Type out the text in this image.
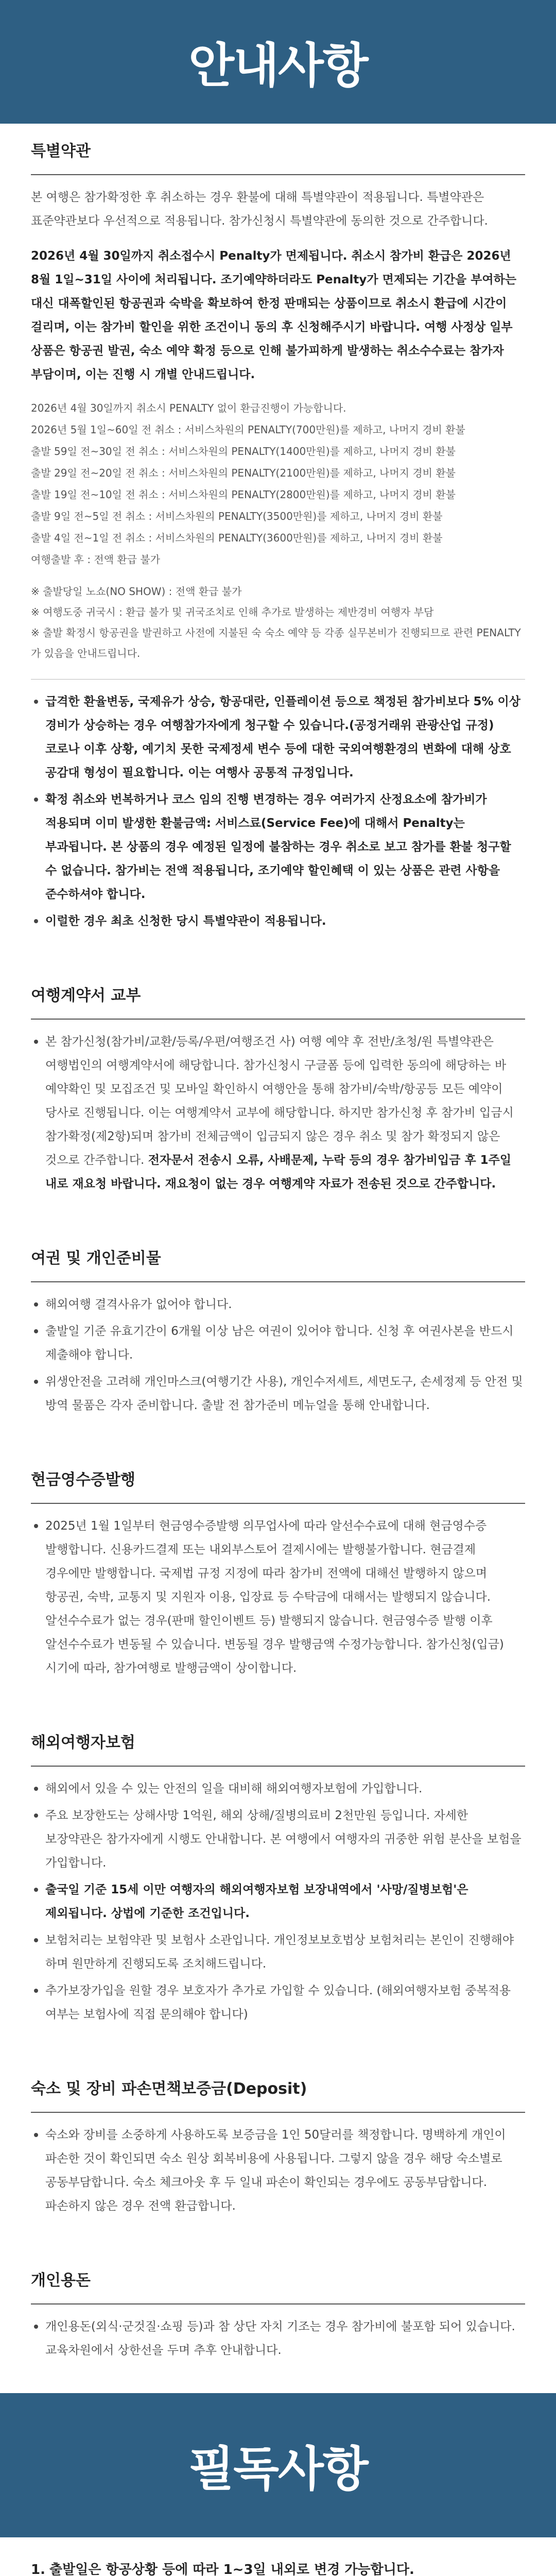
안내사항
특별약관

본 여행은 참가확정한 후 취소하는 경우 환불에 대해 특별약관이 적용됩니다. 특별약관은 표준약관보다 우선적으로 적용됩니다. 참가신청시 특별약관에 동의한 것으로 간주합니다.

2026년 4월 30일까지 취소접수시 Penalty가 면제됩니다. 취소시 참가비 환급은 2026년 8월 1일~31일 사이에 처리됩니다. 조기예약하더라도 Penalty가 면제되는 기간을 부여하는 대신 대폭할인된 항공권과 숙박을 확보하여 한정 판매되는 상품이므로 취소시 환급에 시간이 걸리며, 이는 참가비 할인을 위한 조건이니 동의 후 신청해주시기 바랍니다. 여행 사정상 일부 상품은 항공권 발권, 숙소 예약 확정 등으로 인해 불가피하게 발생하는 취소수수료는 참가자 부담이며, 이는 진행 시 개별 안내드립니다.

2026년 4월 30일까지 취소시 PENALTY 없이 환급진행이 가능합니다.
2026년 5월 1일~60일 전 취소 : 서비스차원의 PENALTY(700만원)를 제하고, 나머지 경비 환불
출발 59일 전~30일 전 취소 : 서비스차원의 PENALTY(1400만원)를 제하고, 나머지 경비 환불
출발 29일 전~20일 전 취소 : 서비스차원의 PENALTY(2100만원)를 제하고, 나머지 경비 환불
출발 19일 전~10일 전 취소 : 서비스차원의 PENALTY(2800만원)를 제하고, 나머지 경비 환불
출발 9일 전~5일 전 취소 : 서비스차원의 PENALTY(3500만원)를 제하고, 나머지 경비 환불
출발 4일 전~1일 전 취소 : 서비스차원의 PENALTY(3600만원)를 제하고, 나머지 경비 환불
여행출발 후 : 전액 환급 불가
※ 출발당일 노쇼(NO SHOW) : 전액 환급 불가
※ 여행도중 귀국시 : 환급 불가 및 귀국조치로 인해 추가로 발생하는 제반경비 여행자 부담
※ 출발 확정시 항공권을 발권하고 사전에 지불된 숙 숙소 예약 등 각종 실무본비가 진행되므로 관련 PENALTY가 있음을 안내드립니다.
급격한 환율변동, 국제유가 상승, 항공대란, 인플레이션 등으로 책정된 참가비보다 5% 이상 경비가 상승하는 경우 여행참가자에게 청구할 수 있습니다.(공정거래위 관광산업 규정) 코로나 이후 상황, 예기치 못한 국제정세 변수 등에 대한 국외여행환경의 변화에 대해 상호 공감대 형성이 필요합니다. 이는 여행사 공통적 규정입니다.
확정 취소와 번복하거나 코스 임의 진행 변경하는 경우 여러가지 산정요소에 참가비가 적용되며 이미 발생한 환불금액: 서비스료(Service Fee)에 대해서 Penalty는 부과됩니다. 본 상품의 경우 예정된 일정에 불참하는 경우 취소로 보고 참가를 환불 청구할 수 없습니다. 참가비는 전액 적용됩니다, 조기예약 할인혜택 이 있는 상품은 관련 사항을 준수하셔야 합니다.
이럴한 경우 최초 신청한 당시 특별약관이 적용됩니다.
여행계약서 교부
본 참가신청(참가비/교환/등록/우편/여행조건 사) 여행 예약 후 전반/초청/원 특별약관은 여행법인의 여행계약서에 해당합니다. 참가신청시 구글폼 등에 입력한 동의에 해당하는 바 예약확인 및 모집조건 및 모바일 확인하시 여행안을 통해 참가비/숙박/항공등 모든 예약이 당사로 진행됩니다. 이는 여행계약서 교부에 해당합니다. 하지만 참가신청 후 참가비 입금시 참가확정(제2항)되며 참가비 전체금액이 입금되지 않은 경우 취소 및 참가 확정되지 않은 것으로 간주합니다. 전자문서 전송시 오류, 사배문제, 누락 등의 경우 참가비입금 후 1주일 내로 재요청 바랍니다. 재요청이 없는 경우 여행계약 자료가 전송된 것으로 간주합니다.
여권 및 개인준비물
해외여행 결격사유가 없어야 합니다.
출발일 기준 유효기간이 6개월 이상 남은 여권이 있어야 합니다. 신청 후 여권사본을 반드시 제출해야 합니다.
위생안전을 고려해 개인마스크(여행기간 사용), 개인수저세트, 세면도구, 손세정제 등 안전 및 방역 물품은 각자 준비합니다. 출발 전 참가준비 메뉴얼을 통해 안내합니다.
현금영수증발행
2025년 1월 1일부터 현금영수증발행 의무업사에 따라 알선수수료에 대해 현금영수증 발행합니다. 신용카드결제 또는 내외부스토어 결제시에는 발행불가합니다. 현금결제 경우에만 발행합니다. 국제법 규정 지정에 따라 참가비 전액에 대해선 발행하지 않으며 항공권, 숙박, 교통지 및 지원자 이용, 입장료 등 수탁금에 대해서는 발행되지 않습니다. 알선수수료가 없는 경우(판매 할인이벤트 등) 발행되지 않습니다. 현금영수증 발행 이후 알선수수료가 변동될 수 있습니다. 변동될 경우 발행금액 수정가능합니다. 참가신청(입금) 시기에 따라, 참가여행로 발행금액이 상이합니다.
해외여행자보험
해외에서 있을 수 있는 안전의 일을 대비해 해외여행자보험에 가입합니다.
주요 보장한도는 상해사망 1억원, 해외 상해/질병의료비 2천만원 등입니다. 자세한 보장약관은 참가자에게 시행도 안내합니다. 본 여행에서 여행자의 귀중한 위험 분산을 보험을 가입합니다.
출국일 기준 15세 이만 여행자의 해외여행자보험 보장내역에서 '사망/질병보험'은 제외됩니다. 상법에 기준한 조건입니다.
보험처리는 보험약관 및 보험사 소관입니다. 개인정보보호법상 보험처리는 본인이 진행해야 하며 원만하게 진행되도록 조치해드립니다.
추가보장가입을 원할 경우 보호자가 추가로 가입할 수 있습니다. (해외여행자보험 중복적용 여부는 보험사에 직접 문의해야 합니다)
숙소 및 장비 파손면책보증금(Deposit)
숙소와 장비를 소중하게 사용하도록 보증금을 1인 50달러를 책정합니다. 명백하게 개인이 파손한 것이 확인되면 숙소 원상 회복비용에 사용됩니다. 그렇지 않을 경우 해당 숙소별로 공동부담합니다. 숙소 체크아웃 후 두 일내 파손이 확인되는 경우에도 공동부담합니다. 파손하지 않은 경우 전액 환급합니다.
개인용돈
개인용돈(외식·군것질·쇼핑 등)과 참 상단 자치 기조는 경우 참가비에 불포함 되어 있습니다. 교육차원에서 상한선을 두며 추후 안내합니다.
필독사항
1. 출발일은 항공상황 등에 따라 1~3일 내외로 변경 가능합니다.
